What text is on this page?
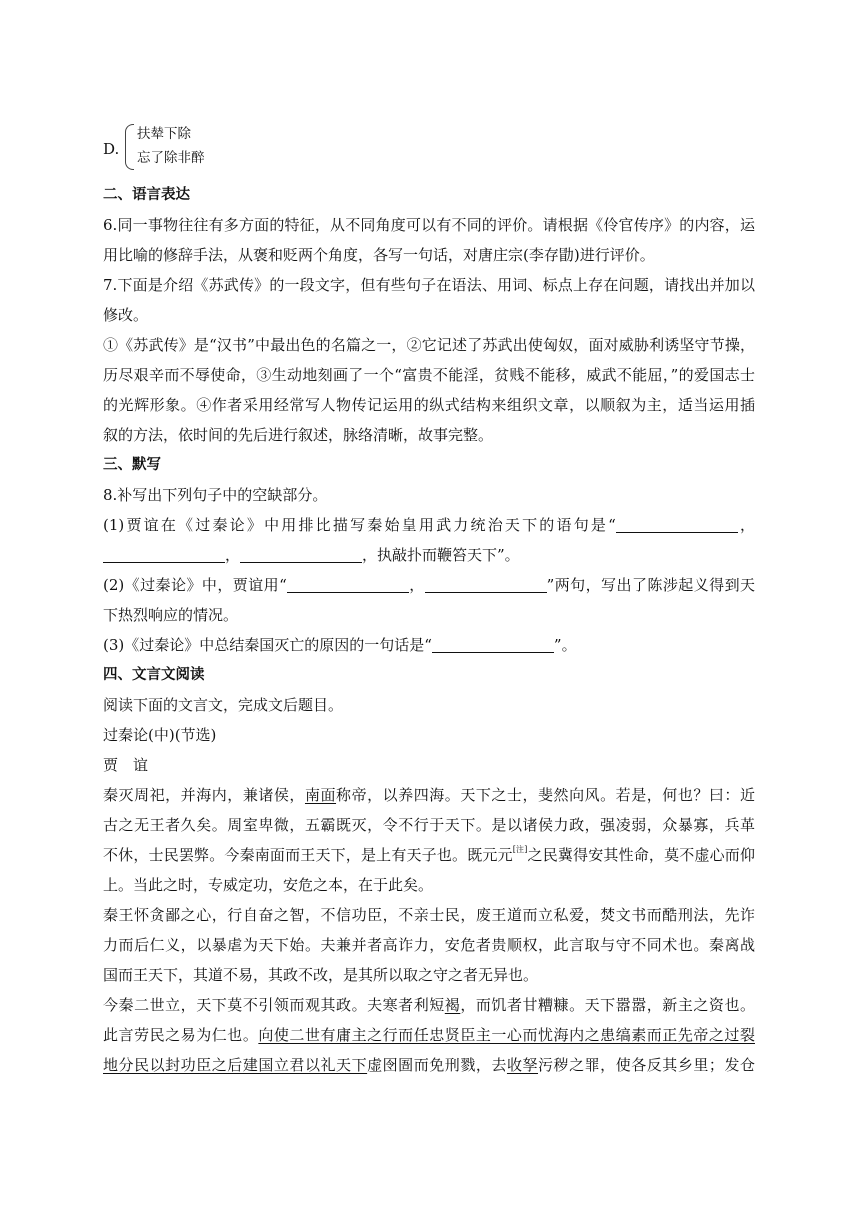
D.
扶辇下除
忘了除非醉
二、语言表达
6.同一事物往往有多方面的特征，从不同角度可以有不同的评价。请根据《伶官传序》的内容，运
用比喻的修辞手法，从褒和贬两个角度，各写一句话，对唐庄宗(李存勖)进行评价。
7.下面是介绍《苏武传》的一段文字，但有些句子在语法、用词、标点上存在问题，请找出并加以
修改。
①《苏武传》是“汉书”中最出色的名篇之一，②它记述了苏武出使匈奴，面对威胁利诱坚守节操，
历尽艰辛而不辱使命，③生动地刻画了一个“富贵不能淫，贫贱不能移，威武不能屈，”的爱国志士
的光辉形象。④作者采用经常写人物传记运用的纵式结构来组织文章，以顺叙为主，适当运用插
叙的方法，依时间的先后进行叙述，脉络清晰，故事完整。
三、默写
8.补写出下列句子中的空缺部分。
(1)贾谊在《过秦论》中用排比描写秦始皇用武力统治天下的语句是“	，
，	，执敲扑而鞭笞天下”。
(2)《过秦论》中，贾谊用“	，	”两句，写出了陈涉起义得到天
下热烈响应的情况。
(3)《过秦论》中总结秦国灭亡的原因的一句话是“	”。
四、文言文阅读
阅读下面的文言文，完成文后题目。
过秦论(中)(节选)
贾　谊
秦灭周祀，并海内，兼诸侯，南面称帝，以养四海。天下之士，斐然向风。若是，何也？曰：近
古之无王者久矣。周室卑微，五霸既灭，令不行于天下。是以诸侯力政，强凌弱，众暴寡，兵革
不休，士民罢弊。今秦南面而王天下，是上有天子也。既元元[注]之民冀得安其性命，莫不虚心而仰
上。当此之时，专威定功，安危之本，在于此矣。
秦王怀贪鄙之心，行自奋之智，不信功臣，不亲士民，废王道而立私爱，焚文书而酷刑法，先诈
力而后仁义，以暴虐为天下始。夫兼并者高诈力，安危者贵顺权，此言取与守不同术也。秦离战
国而王天下，其道不易，其政不改，是其所以取之守之者无异也。
今秦二世立，天下莫不引领而观其政。夫寒者利短褐，而饥者甘糟糠。天下嚣嚣，新主之资也。
此言劳民之易为仁也。向使二世有庸主之行而任忠贤臣主一心而忧海内之患缟素而正先帝之过裂
地分民以封功臣之后建国立君以礼天下虚囹圄而免刑戮，去收孥污秽之罪，使各反其乡里；发仓
